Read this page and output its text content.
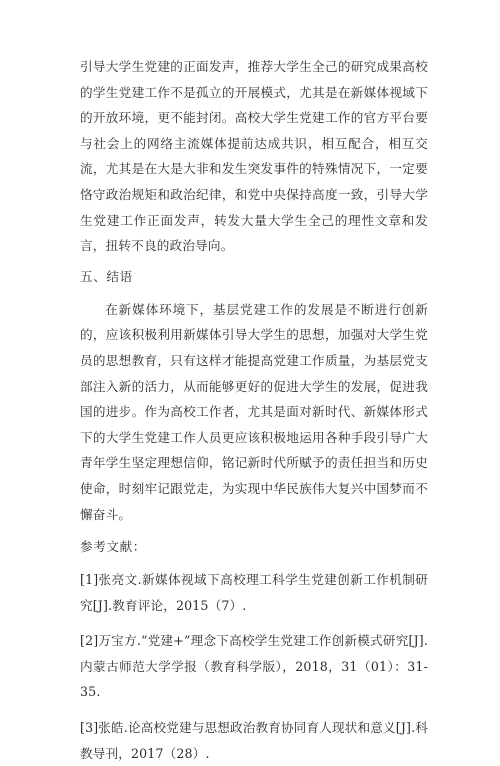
引导大学生党建的正面发声，推荐大学生全己的研究成果高校的学生党建工作不是孤立的开展模式，尤其是在新媒体视域下的开放环境，更不能封闭。高校大学生党建工作的官方平台要与社会上的网络主流媒体提前达成共识，相互配合，相互交流，尤其是在大是大非和发生突发事件的特殊情况下，一定要恪守政治规矩和政治纪律，和党中央保持高度一致，引导大学生党建工作正面发声，转发大量大学生全己的理性文章和发言，扭转不良的政治导向。

五、结语

在新媒体环境下，基层党建工作的发展是不断进行创新的，应该积极利用新媒体引导大学生的思想，加强对大学生党员的思想教育，只有这样才能提高党建工作质量，为基层党支部注入新的活力，从而能够更好的促进大学生的发展，促进我国的进步。作为高校工作者，尤其是面对新时代、新媒体形式下的大学生党建工作人员更应该积极地运用各种手段引导广大青年学生坚定理想信仰，铭记新时代所赋予的责任担当和历史使命，时刻牢记跟党走，为实现中华民族伟大复兴中国梦而不懈奋斗。

参考文献：

[1]张亮文.新媒体视域下高校理工科学生党建创新工作机制研究[J].教育评论，2015（7）.

[2]万宝方.“党建+”理念下高校学生党建工作创新模式研究[J].内蒙古师范大学学报（教育科学版），2018，31（01）：31-35.

[3]张皓.论高校党建与思想政治教育协同育人现状和意义[J].科教导刊，2017（28）.
